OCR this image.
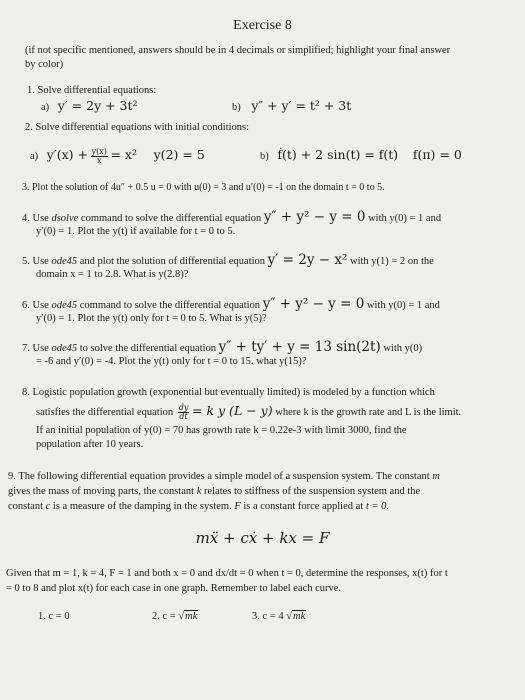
Exercise 8
(if not specific mentioned, answers should be in 4 decimals or simplified; highlight your final answer
by color)
1. Solve differential equations:
a) y′ = 2y + 3t²	b) y″ + y′ = t² + 3t
2. Solve differential equations with initial conditions:
a) $y'(x) + \frac{y(x)}{x} = x^2$ y(2) = 5	b) ḟ(t) + 2 sin(t) = f(t) f(π) = 0
3. Plot the solution of 4u″ + 0.5 u = 0 with u(0) = 3 and u′(0) = -1 on the domain t = 0 to 5.
4. Use dsolve command to solve the differential equation y″ + y² − y = 0 with y(0) = 1 and
y′(0) = 1. Plot the y(t) if available for t = 0 to 5.
5. Use ode45 and plot the solution of differential equation y′ = 2y − x² with y(1) = 2 on the
domain x = 1 to 2.8. What is y(2.8)?
6. Use ode45 command to solve the differential equation y″ + y² − y = 0 with y(0) = 1 and
y′(0) = 1. Plot the y(t) only for t = 0 to 5. What is y(5)?
7. Use ode45 to solve the differential equation y″ + ty′ + y = 13 sin(2t) with y(0)
= -6 and y′(0) = -4. Plot the y(t) only for t = 0 to 15. what y(15)?
8. Logistic population growth (exponential but eventually limited) is modeled by a function which
satisfies the differential equation $\frac{dy}{dt} = k$ y (L − y) where k is the growth rate and L is the limit.
If an initial population of y(0) = 70 has growth rate k = 0.22e-3 with limit 3000, find the
population after 10 years.
9. The following differential equation provides a simple model of a suspension system. The constant m
gives the mass of moving parts, the constant k relates to stiffness of the suspension system and the
constant c is a measure of the damping in the system. F is a constant force applied at t = 0.
mẍ + cẋ + kx = F
Given that m = 1, k = 4, F = 1 and both x = 0 and dx/dt = 0 when t = 0, determine the responses, x(t) for t
= 0 to 8 and plot x(t) for each case in one graph. Remember to label each curve.
1. c = 0	2. c = √mk	3. c = 4 √mk
